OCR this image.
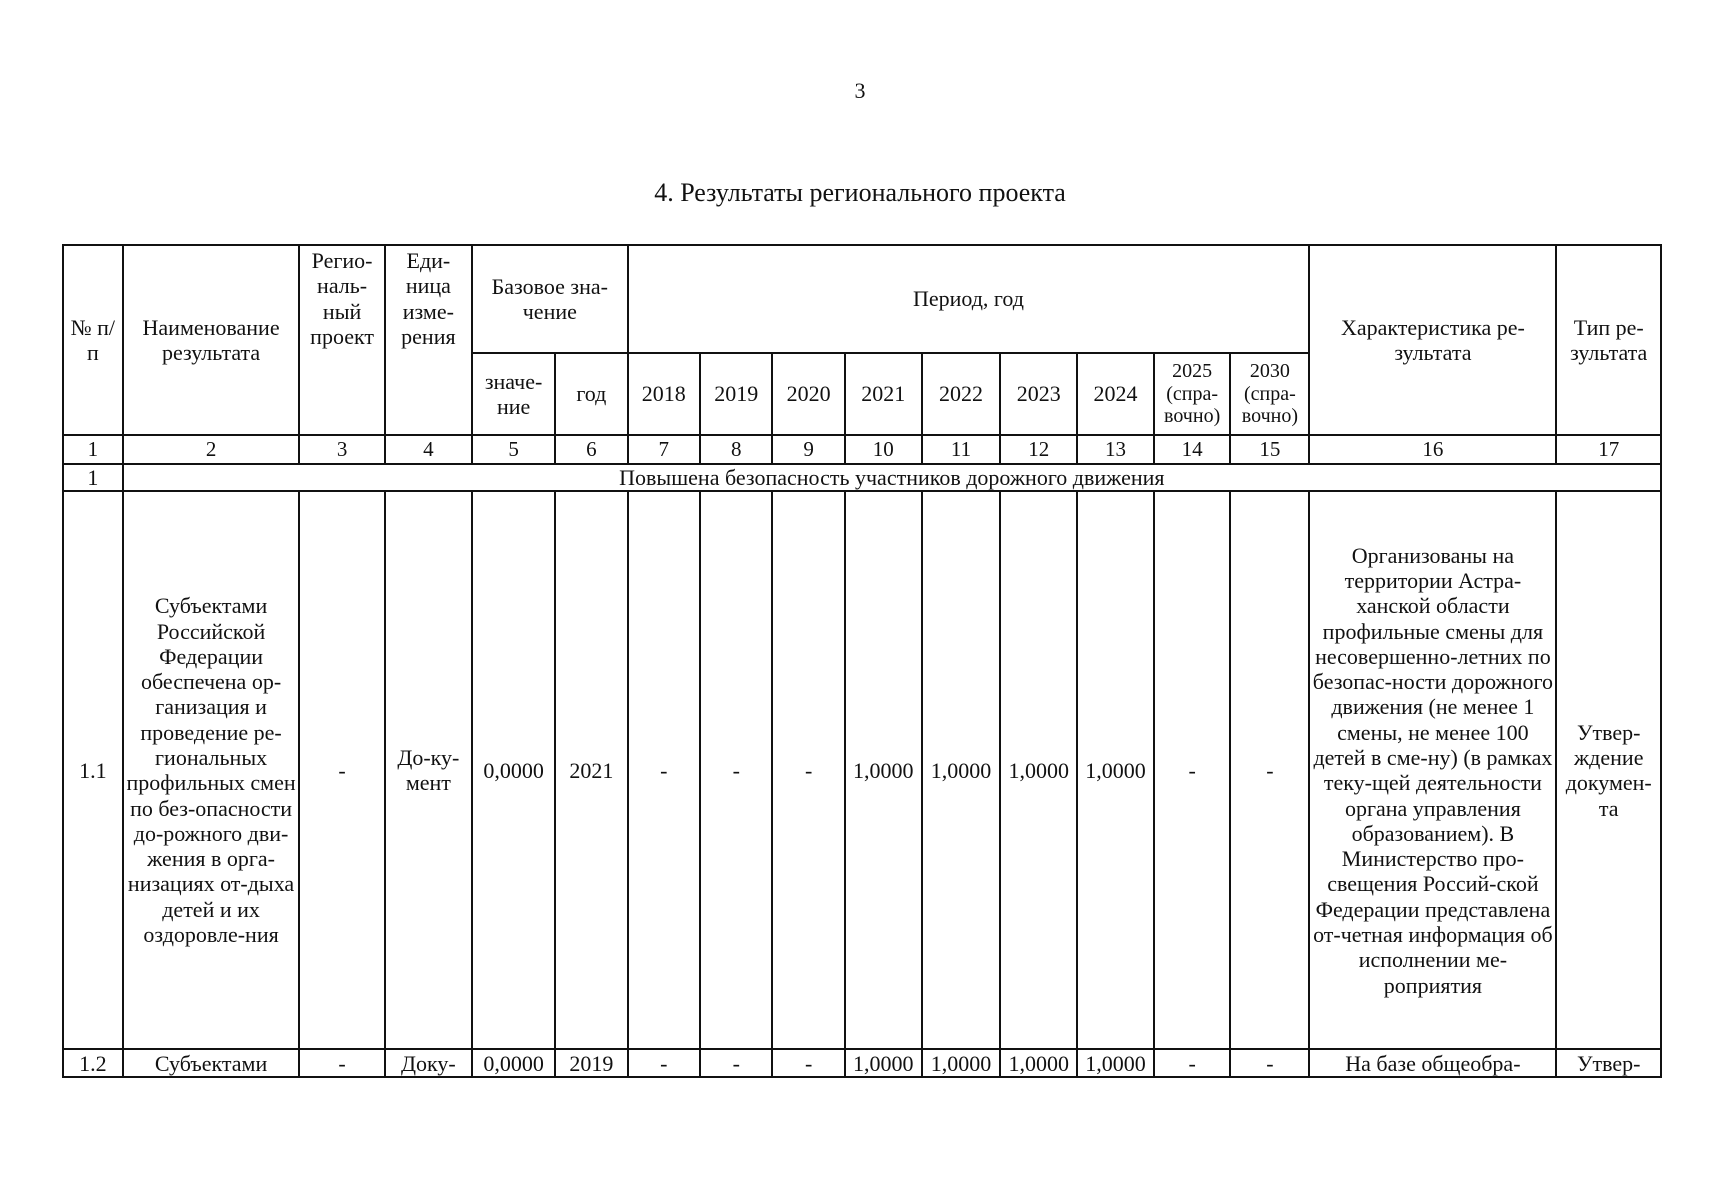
3
4. Результаты регионального проекта
№ п/п	Наименование результата	Регио-наль-ный проект	Еди-ница изме-рения	Базовое зна-чение		Период, год									Характеристика ре-зультата	Тип ре-зультата
				значе-ние	год	2018	2019	2020	2021	2022	2023	2024	2025 (спра-вочно)	2030 (спра-вочно)		
1	2	3	4	5	6	7	8	9	10	11	12	13	14	15	16	17
1	Повышена безопасность участников дорожного движения															
1.1	Субъектами Российской Федерации обеспечена ор-ганизация и проведение ре-гиональных профильных смен по без-опасности до-рожного дви-жения в орга-низациях от-дыха детей и их оздоровле-ния	-	До-ку-мент	0,0000	2021	-	-	-	1,0000	1,0000	1,0000	1,0000	-	-	Организованы на территории Астра-ханской области профильные смены для несовершенно-летних по безопас-ности дорожного движения (не менее 1 смены, не менее 100 детей в сме-ну) (в рамках теку-щей деятельности органа управления образованием). В Министерство про-свещения Россий-ской Федерации представлена от-четная информация об исполнении ме-роприятия	Утвер-ждение докумен-та
1.2	Субъектами	-	Доку-	0,0000	2019	-	-	-	1,0000	1,0000	1,0000	1,0000	-	-	На базе общеобра-	Утвер-
